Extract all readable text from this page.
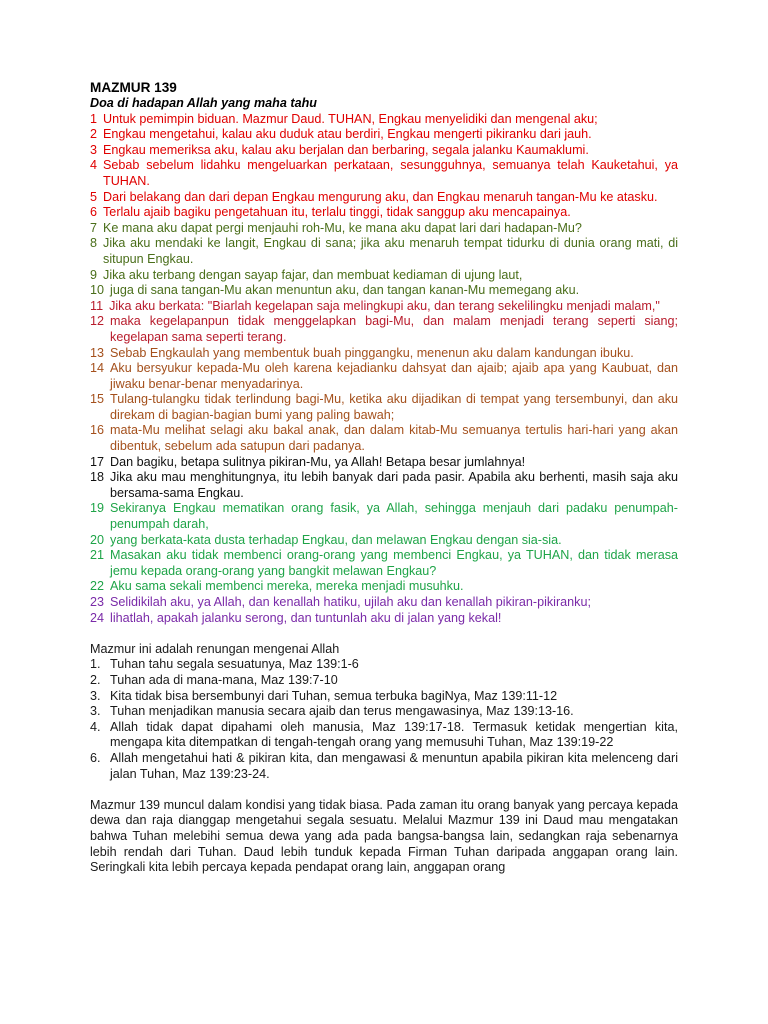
MAZMUR 139

Doa di hadapan Allah yang maha tahu

1 Untuk pemimpin biduan. Mazmur Daud. TUHAN, Engkau menyelidiki dan mengenal aku;
2 Engkau mengetahui, kalau aku duduk atau berdiri, Engkau mengerti pikiranku dari jauh.
3 Engkau memeriksa aku, kalau aku berjalan dan berbaring, segala jalanku Kaumaklumi.
4 Sebab sebelum lidahku mengeluarkan perkataan, sesungguhnya, semuanya telah Kauketahui, ya TUHAN.
5 Dari belakang dan dari depan Engkau mengurung aku, dan Engkau menaruh tangan-Mu ke atasku.
6 Terlalu ajaib bagiku pengetahuan itu, terlalu tinggi, tidak sanggup aku mencapainya.
7 Ke mana aku dapat pergi menjauhi roh-Mu, ke mana aku dapat lari dari hadapan-Mu?
8 Jika aku mendaki ke langit, Engkau di sana; jika aku menaruh tempat tidurku di dunia orang mati, di situpun Engkau.
9 Jika aku terbang dengan sayap fajar, dan membuat kediaman di ujung laut,
10 juga di sana tangan-Mu akan menuntun aku, dan tangan kanan-Mu memegang aku.
11 Jika aku berkata: "Biarlah kegelapan saja melingkupi aku, dan terang sekelilingku menjadi malam,"
12 maka kegelapanpun tidak menggelapkan bagi-Mu, dan malam menjadi terang seperti siang; kegelapan sama seperti terang.
13 Sebab Engkaulah yang membentuk buah pinggangku, menenun aku dalam kandungan ibuku.
14 Aku bersyukur kepada-Mu oleh karena kejadianku dahsyat dan ajaib; ajaib apa yang Kaubuat, dan jiwaku benar-benar menyadarinya.
15 Tulang-tulangku tidak terlindung bagi-Mu, ketika aku dijadikan di tempat yang tersembunyi, dan aku direkam di bagian-bagian bumi yang paling bawah;
16 mata-Mu melihat selagi aku bakal anak, dan dalam kitab-Mu semuanya tertulis hari-hari yang akan dibentuk, sebelum ada satupun dari padanya.
17 Dan bagiku, betapa sulitnya pikiran-Mu, ya Allah! Betapa besar jumlahnya!
18 Jika aku mau menghitungnya, itu lebih banyak dari pada pasir. Apabila aku berhenti, masih saja aku bersama-sama Engkau.
19 Sekiranya Engkau mematikan orang fasik, ya Allah, sehingga menjauh dari padaku penumpah-penumpah darah,
20 yang berkata-kata dusta terhadap Engkau, dan melawan Engkau dengan sia-sia.
21 Masakan aku tidak membenci orang-orang yang membenci Engkau, ya TUHAN, dan tidak merasa jemu kepada orang-orang yang bangkit melawan Engkau?
22 Aku sama sekali membenci mereka, mereka menjadi musuhku.
23 Selidikilah aku, ya Allah, dan kenallah hatiku, ujilah aku dan kenallah pikiran-pikiranku;
24 lihatlah, apakah jalanku serong, dan tuntunlah aku di jalan yang kekal!

Mazmur ini adalah renungan mengenai Allah

1. Tuhan tahu segala sesuatunya, Maz 139:1-6
2. Tuhan ada di mana-mana, Maz 139:7-10
3. Kita tidak bisa bersembunyi dari Tuhan, semua terbuka bagiNya, Maz 139:11-12
3. Tuhan menjadikan manusia secara ajaib dan terus mengawasinya, Maz 139:13-16.
4. Allah tidak dapat dipahami oleh manusia, Maz 139:17-18. Termasuk ketidak mengertian kita, mengapa kita ditempatkan di tengah-tengah orang yang memusuhi Tuhan, Maz 139:19-22
6. Allah mengetahui hati & pikiran kita, dan mengawasi & menuntun apabila pikiran kita melenceng dari jalan Tuhan, Maz 139:23-24.

Mazmur 139 muncul dalam kondisi yang tidak biasa. Pada zaman itu orang banyak yang percaya kepada dewa dan raja dianggap mengetahui segala sesuatu. Melalui Mazmur 139 ini Daud mau mengatakan bahwa Tuhan melebihi semua dewa yang ada pada bangsa-bangsa lain, sedangkan raja sebenarnya lebih rendah dari Tuhan. Daud lebih tunduk kepada Firman Tuhan daripada anggapan orang lain. Seringkali kita lebih percaya kepada pendapat orang lain, anggapan orang
